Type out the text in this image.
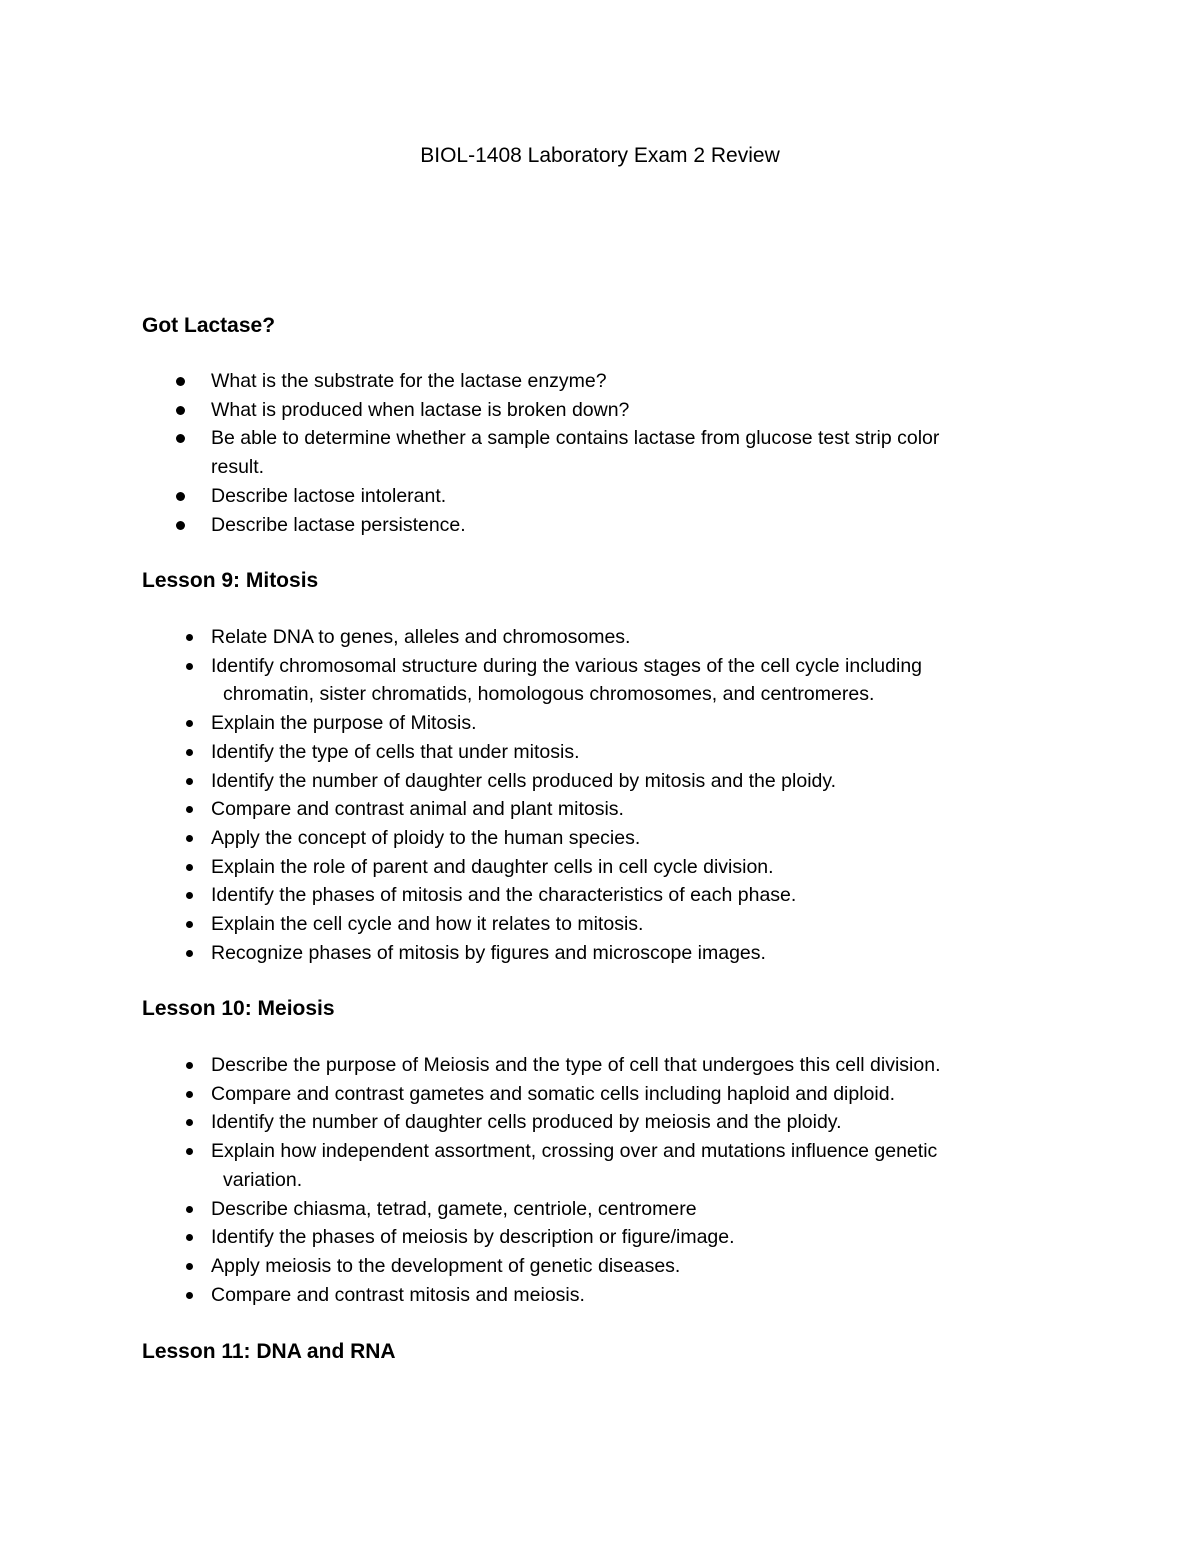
BIOL-1408 Laboratory Exam 2 Review
Got Lactase?
What is the substrate for the lactase enzyme?
What is produced when lactase is broken down?
Be able to determine whether a sample contains lactase from glucose test strip color
result.
Describe lactose intolerant.
Describe lactase persistence.
Lesson 9: Mitosis
Relate DNA to genes, alleles and chromosomes.
Identify chromosomal structure during the various stages of the cell cycle including
chromatin, sister chromatids, homologous chromosomes, and centromeres.
Explain the purpose of Mitosis.
Identify the type of cells that under mitosis.
Identify the number of daughter cells produced by mitosis and the ploidy.
Compare and contrast animal and plant mitosis.
Apply the concept of ploidy to the human species.
Explain the role of parent and daughter cells in cell cycle division.
Identify the phases of mitosis and the characteristics of each phase.
Explain the cell cycle and how it relates to mitosis.
Recognize phases of mitosis by figures and microscope images.
Lesson 10: Meiosis
Describe the purpose of Meiosis and the type of cell that undergoes this cell division.
Compare and contrast gametes and somatic cells including haploid and diploid.
Identify the number of daughter cells produced by meiosis and the ploidy.
Explain how independent assortment, crossing over and mutations influence genetic
variation.
Describe chiasma, tetrad, gamete, centriole, centromere
Identify the phases of meiosis by description or figure/image.
Apply meiosis to the development of genetic diseases.
Compare and contrast mitosis and meiosis.
Lesson 11: DNA and RNA
